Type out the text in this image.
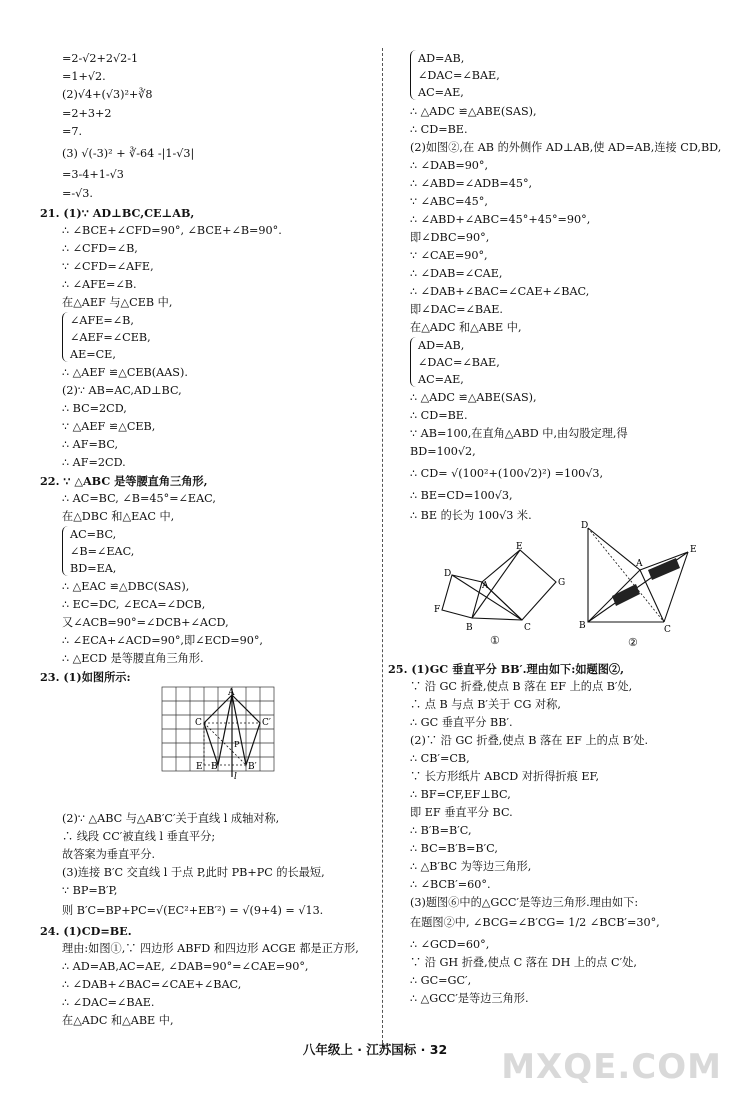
=2-√2+2√2-1
=1+√2.
(2)√4+(√3)²+∛8
=2+3+2
=7.
(3) √(-3)² + ∛-64 -|1-√3|
=3-4+1-√3
=-√3.
21. (1)∵ AD⊥BC,CE⊥AB,
∴ ∠BCE+∠CFD=90°, ∠BCE+∠B=90°.
∴ ∠CFD=∠B,
∵ ∠CFD=∠AFE,
∴ ∠AFE=∠B.
在△AEF 与△CEB 中,
∠AFE=∠B,
∠AEF=∠CEB,
AE=CE,
∴ △AEF ≌△CEB(AAS).
(2)∵ AB=AC,AD⊥BC,
∴ BC=2CD,
∵ △AEF ≌△CEB,
∴ AF=BC,
∴ AF=2CD.
22. ∵ △ABC 是等腰直角三角形,
∴ AC=BC, ∠B=45°=∠EAC,
在△DBC 和△EAC 中,
AC=BC,
∠B=∠EAC,
BD=EA,
∴ △EAC ≌△DBC(SAS),
∴ EC=DC, ∠ECA=∠DCB,
又∠ACB=90°=∠DCB+∠ACD,
∴ ∠ECA+∠ACD=90°,即∠ECD=90°,
∴ △ECD 是等腰直角三角形.
23. (1)如图所示:
(2)∵ △ABC 与△AB′C′关于直线 l 成轴对称,
∴ 线段 CC′被直线 l 垂直平分;
故答案为垂直平分.
(3)连接 B′C 交直线 l 于点 P,此时 PB+PC 的长最短,
∵ BP=B′P,
则 B′C=BP+PC=√(EC²+EB′²) = √(9+4) = √13.
24. (1)CD=BE.
理由:如图①,∵ 四边形 ABFD 和四边形 ACGE 都是正方形,
∴ AD=AB,AC=AE, ∠DAB=90°=∠CAE=90°,
∴ ∠DAB+∠BAC=∠CAE+∠BAC,
∴ ∠DAC=∠BAE.
在△ADC 和△ABE 中,
A
C	C′
E B	B′
P
l
AD=AB,
∠DAC=∠BAE,
AC=AE,
∴ △ADC ≌△ABE(SAS),
∴ CD=BE.
(2)如图②,在 AB 的外侧作 AD⊥AB,使 AD=AB,连接 CD,BD,
∴ ∠DAB=90°,
∴ ∠ABD=∠ADB=45°,
∵ ∠ABC=45°,
∴ ∠ABD+∠ABC=45°+45°=90°,
即∠DBC=90°,
∵ ∠CAE=90°,
∴ ∠DAB=∠CAE,
∴ ∠DAB+∠BAC=∠CAE+∠BAC,
即∠DAC=∠BAE.
在△ADC 和△ABE 中,
AD=AB,
∠DAC=∠BAE,
AC=AE,
∴ △ADC ≌△ABE(SAS),
∴ CD=BE.
∵ AB=100,在直角△ABD 中,由勾股定理,得
BD=100√2,
∴ CD= √(100²+(100√2)²) =100√3,
∴ BE=CD=100√3,
∴ BE 的长为 100√3 米.
25. (1)GC 垂直平分 BB′.理由如下:如题图②,
∵ 沿 GC 折叠,使点 B 落在 EF 上的点 B′处,
∴ 点 B 与点 B′关于 CG 对称,
∴ GC 垂直平分 BB′.
(2)∵ 沿 GC 折叠,使点 B 落在 EF 上的点 B′处.
∴ CB′=CB,
∵ 长方形纸片 ABCD 对折得折痕 EF,
∴ BF=CF,EF⊥BC,
即 EF 垂直平分 BC.
∴ B′B=B′C,
∴ BC=B′B=B′C,
∴ △B′BC 为等边三角形,
∴ ∠BCB′=60°.
(3)题图⑥中的△GCC′是等边三角形.理由如下:
在题图②中, ∠BCG=∠B′CG= 1/2 ∠BCB′=30°,
∴ ∠GCD=60°,
∵ 沿 GH 折叠,使点 C 落在 DH 上的点 C′处,
∴ GC=GC′,
∴ △GCC′是等边三角形.
D
E
A	G
F
B	C
①
D
A
E
B	C
②
八年级上 · 江苏国标 · 32	MXQE.COM
